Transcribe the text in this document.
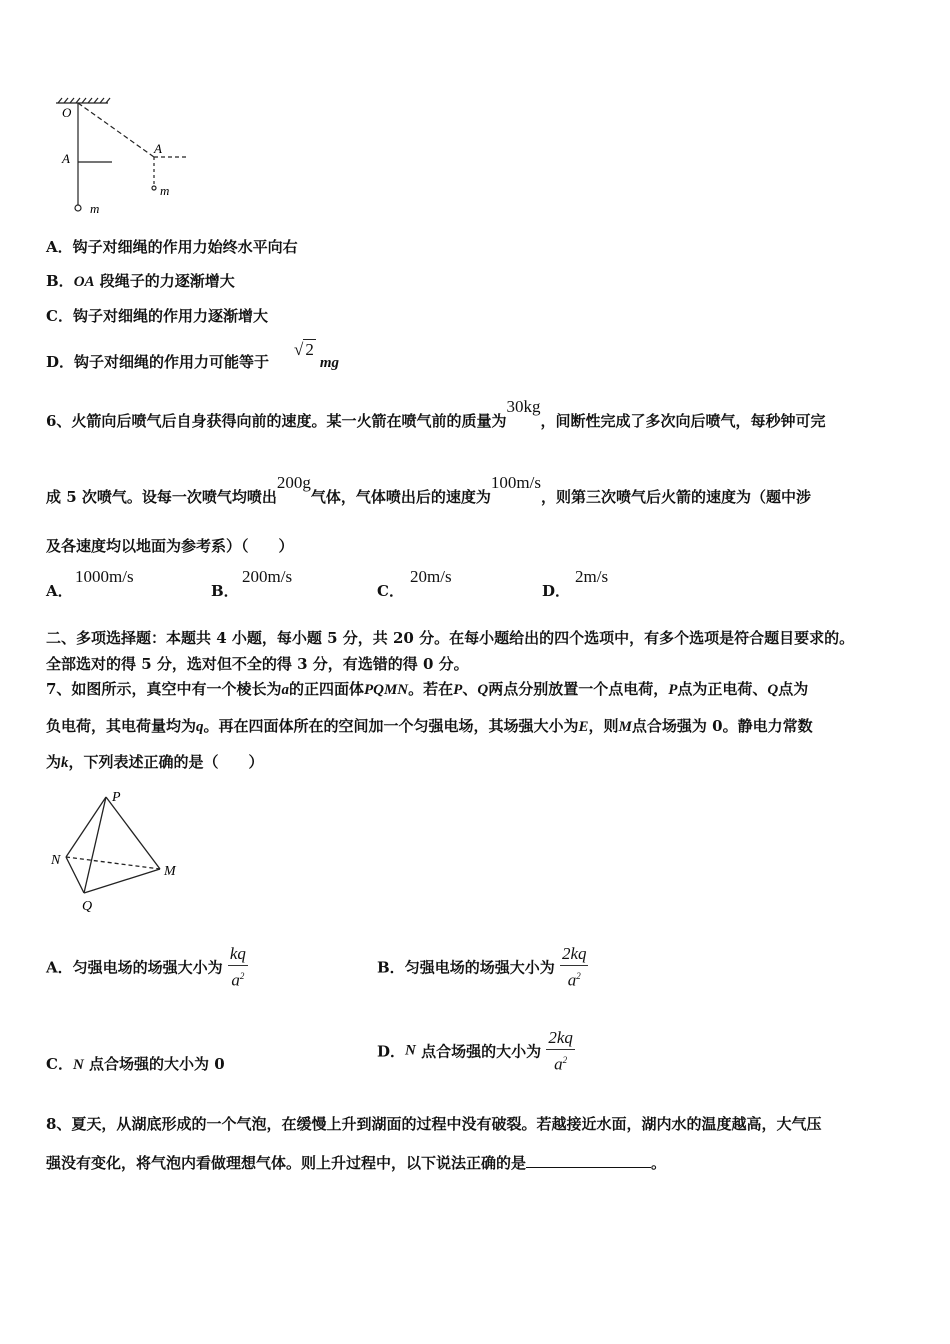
O
A
m
A
m
A．钩子对细绳的作用力始终水平向右
B．OA 段绳子的力逐渐增大
C．钩子对细绳的作用力逐渐增大
D．钩子对细绳的作用力可能等于
√ 2 mg
6、火箭向后喷气后自身获得向前的速度。某一火箭在喷气前的质量为30kg，间断性完成了多次向后喷气，每秒钟可完
成 5 次喷气。设每一次喷气均喷出200g气体，气体喷出后的速度为100m/s，则第三次喷气后火箭的速度为（题中涉
及各速度均以地面为参考系）（　　）
A．
1000m/s
B．
200m/s
C．
20m/s
D．
2m/s
二、多项选择题：本题共 4 小题，每小题 5 分，共 20 分。在每小题给出的四个选项中，有多个选项是符合题目要求的。
全部选对的得 5 分，选对但不全的得 3 分，有选错的得 0 分。
7、如图所示，真空中有一个棱长为a的正四面体PQMN。若在P、Q两点分别放置一个点电荷，P点为正电荷、Q点为
负电荷，其电荷量均为q。再在四面体所在的空间加一个匀强电场，其场强大小为E，则M点合场强为 0。静电力常数
为k，下列表述正确的是（　　）
P
N
M
Q
A．匀强电场的场强大小为 $\frac{kq}{a^2}$	B．匀强电场的场强大小为 $\frac{2kq}{a^2}$
C．N 点合场强的大小为 0
D．N 点合场强的大小为 $\frac{2kq}{a^2}$
8、夏天，从湖底形成的一个气泡，在缓慢上升到湖面的过程中没有破裂。若越接近水面，湖内水的温度越高，大气压
强没有变化，将气泡内看做理想气体。则上升过程中，以下说法正确的是	。
